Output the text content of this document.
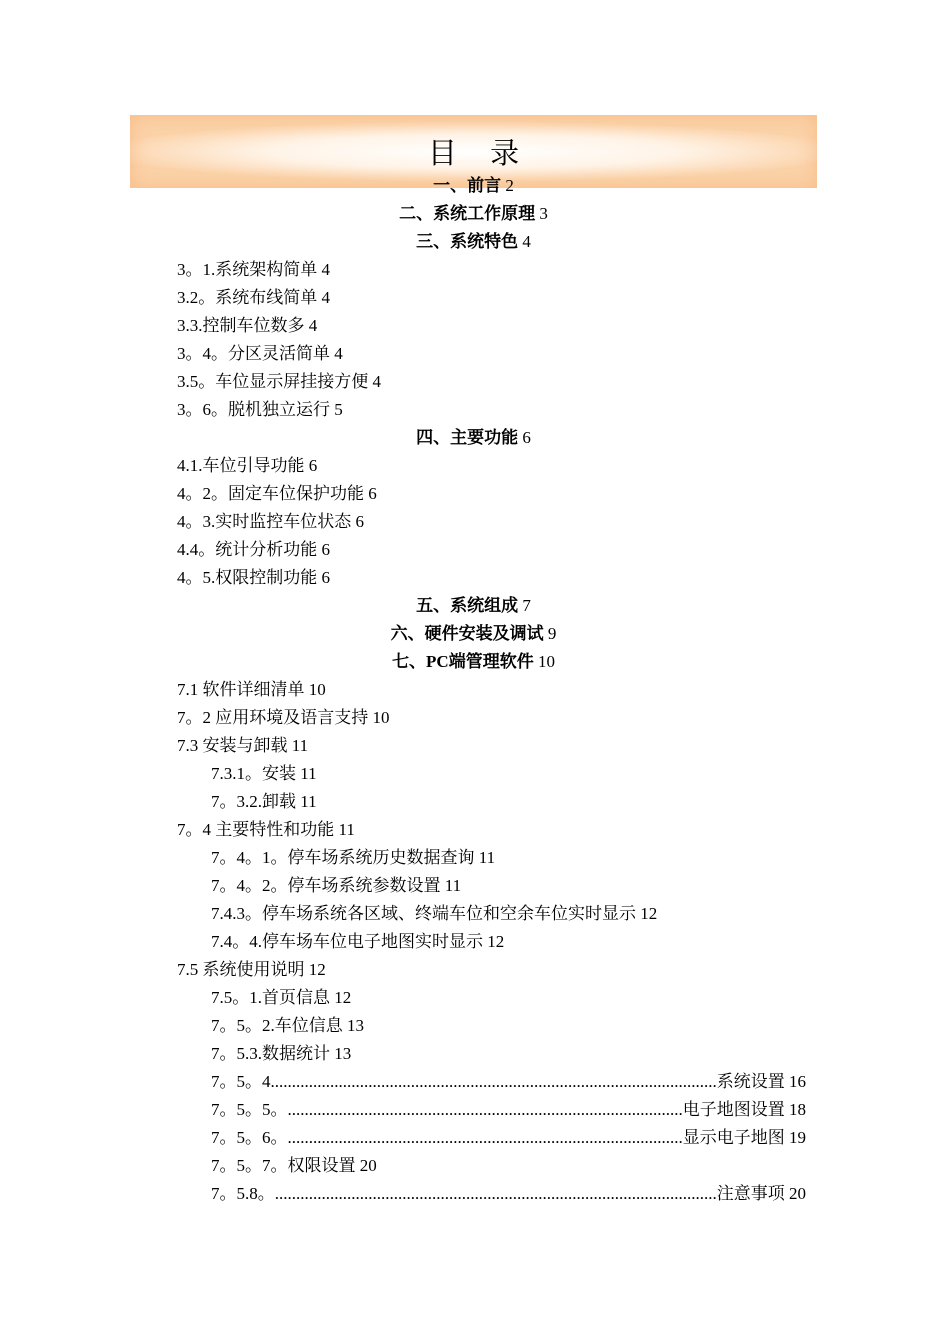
目 录
一、前言 2
二、系统工作原理 3
三、系统特色 4
3。1.系统架构简单 4
3.2。系统布线简单 4
3.3.控制车位数多 4
3。4。分区灵活简单 4
3.5。车位显示屏挂接方便 4
3。6。脱机独立运行 5
四、主要功能 6
4.1.车位引导功能 6
4。2。固定车位保护功能 6
4。3.实时监控车位状态 6
4.4。统计分析功能 6
4。5.权限控制功能 6
五、系统组成 7
六、硬件安装及调试 9
七、PC端管理软件 10
7.1 软件详细清单 10
7。2 应用环境及语言支持 10
7.3 安装与卸载 11
7.3.1。安装 11
7。3.2.卸载 11
7。4 主要特性和功能 11
7。4。1。停车场系统历史数据查询 11
7。4。2。停车场系统参数设置 11
7.4.3。停车场系统各区域、终端车位和空余车位实时显示 12
7.4。4.停车场车位电子地图实时显示 12
7.5 系统使用说明 12
7.5。1.首页信息 12
7。5。2.车位信息 13
7。5.3.数据统计 13
7。5。4. .....	系统设置 16
7。5。5。 .....	电子地图设置 18
7。5。6。 .....	显示电子地图 19
7。5。7。权限设置 20
7。5.8。 .....	注意事项 20
